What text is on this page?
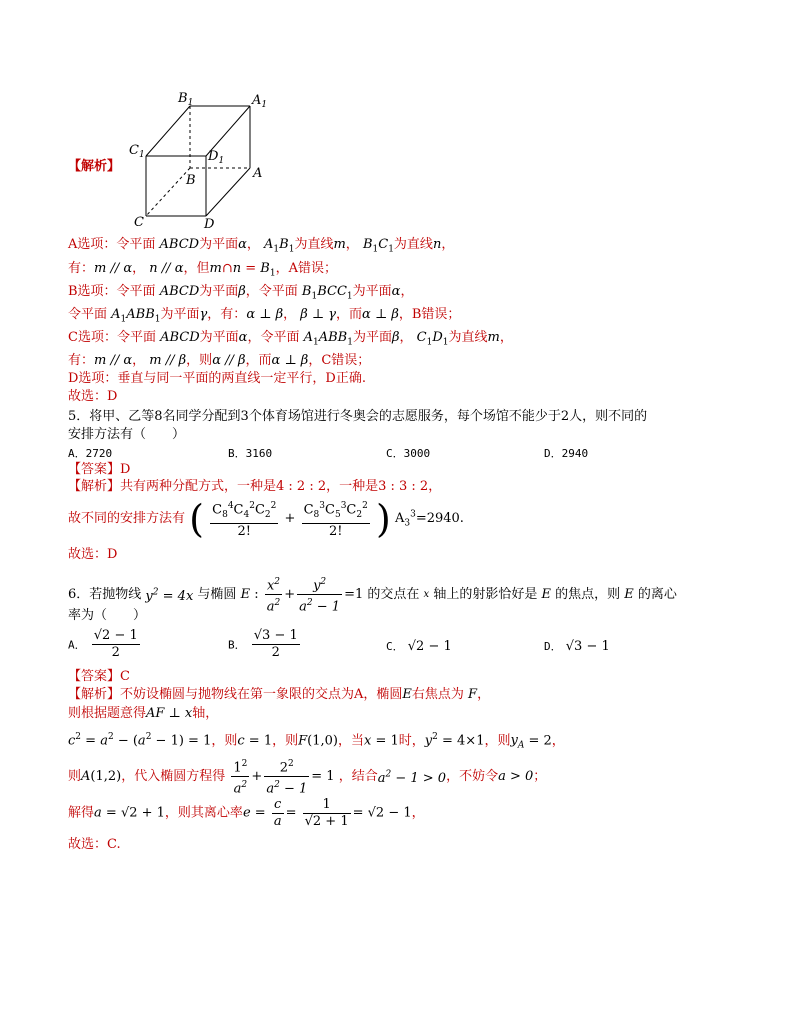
$B_1$	$A_1$
$C_1$	$D_1$
B	A
C	D
【解析】
A选项：令平面 ABCD为平面α， $A_1B_1$为直线m， $B_1C_1$为直线n，
有：m // α， n // α，但m∩n = $B_1$，A错误；
B选项：令平面 ABCD为平面β，令平面 $B_1BCC_1$为平面α，
令平面 $A_1ABB_1$为平面γ，有：α ⊥ β， β ⊥ γ，而α ⊥ β，B错误；
C选项：令平面 ABCD为平面α，令平面 $A_1ABB_1$为平面β， $C_1D_1$为直线m，
有：m // α， m // β，则α // β，而α ⊥ β，C错误；
D选项：垂直与同一平面的两直线一定平行，D正确.
故选：D
5．将甲、乙等8名同学分配到3个体育场馆进行冬奥会的志愿服务，每个场馆不能少于2人，则不同的
安排方法有（　　）
A．2720	B．3160	C．3000	D．2940
【答案】D
【解析】共有两种分配方式，一种是4 : 2 : 2，一种是3 : 3 : 2，
故不同的安排方法有 ( $\frac{C_8^4C_4^2C_2^2}{2!} + \frac{C_8^3C_5^3C_2^2}{2!}$ ) $A_3^3=2940$.
故选：D
6．若抛物线 $y^2 = 4x$ 与椭圆 E : $\frac{x^2}{a^2} + \frac{y^2}{a^2 - 1} =1$ 的交点在 x 轴上的射影恰好是 E 的焦点，则 E 的离心
率为（　　）
A． $\frac{√2 - 1}{2}$	B． $\frac{√3 - 1}{2}$	C． √2 − 1	D． √3 − 1
【答案】C
【解析】不妨设椭圆与抛物线在第一象限的交点为A，椭圆E右焦点为 F，
则根据题意得AF ⊥ x轴，
$c^2 = a^2 - (a^2 - 1) = 1$，则c = 1，则F(1,0)，当x = 1时，$y^2 = 4\times 1$，则$y_A = 2$，
则A(1,2)，代入椭圆方程得 $\frac{1^2}{a^2} + \frac{2^2}{a^2 - 1} = 1$ ，结合$a^2 - 1 > 0$，不妨令a > 0；
解得a = √2 + 1，则其离心率$e = \frac{c}{a} = \frac{1}{√2 + 1} = √2 - 1$，
故选：C.
